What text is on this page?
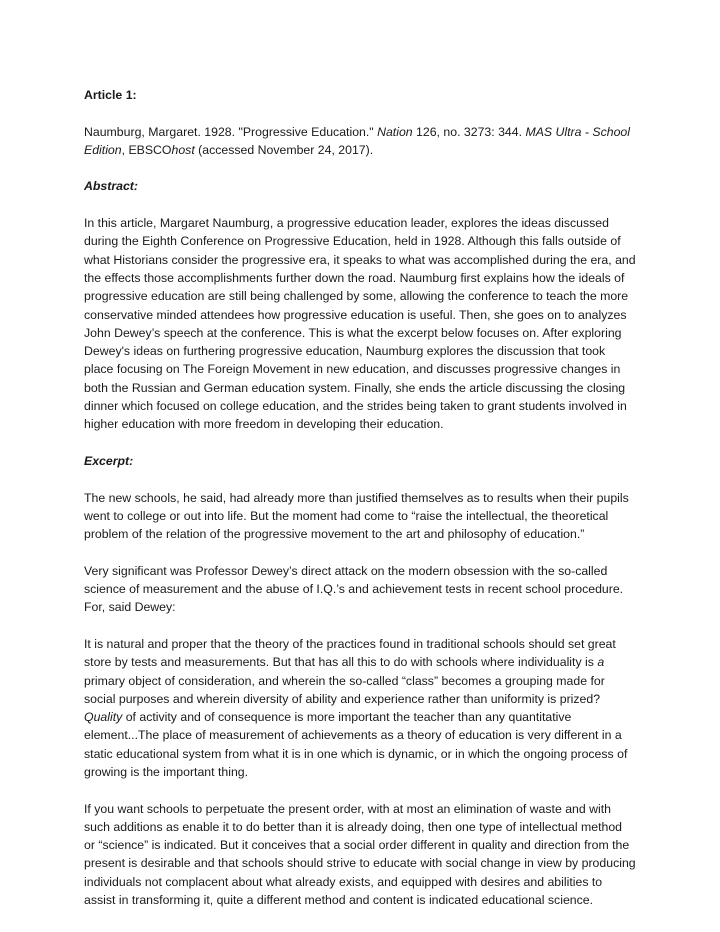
Article 1:

Naumburg, Margaret. 1928. "Progressive Education." Nation 126, no. 3273: 344. MAS Ultra - School Edition, EBSCOhost (accessed November 24, 2017).

Abstract:

In this article, Margaret Naumburg, a progressive education leader, explores the ideas discussed during the Eighth Conference on Progressive Education, held in 1928. Although this falls outside of what Historians consider the progressive era, it speaks to what was accomplished during the era, and the effects those accomplishments further down the road. Naumburg first explains how the ideals of progressive education are still being challenged by some, allowing the conference to teach the more conservative minded attendees how progressive education is useful. Then, she goes on to analyzes John Dewey’s speech at the conference. This is what the excerpt below focuses on. After exploring Dewey's ideas on furthering progressive education, Naumburg explores the discussion that took place focusing on The Foreign Movement in new education, and discusses progressive changes in both the Russian and German education system. Finally, she ends the article discussing the closing dinner which focused on college education, and the strides being taken to grant students involved in higher education with more freedom in developing their education.

Excerpt:

The new schools, he said, had already more than justified themselves as to results when their pupils went to college or out into life. But the moment had come to “raise the intellectual, the theoretical problem of the relation of the progressive movement to the art and philosophy of education.”

Very significant was Professor Dewey’s direct attack on the modern obsession with the so-called science of measurement and the abuse of I.Q.’s and achievement tests in recent school procedure. For, said Dewey:

It is natural and proper that the theory of the practices found in traditional schools should set great store by tests and measurements. But that has all this to do with schools where individuality is a primary object of consideration, and wherein the so-called “class” becomes a grouping made for social purposes and wherein diversity of ability and experience rather than uniformity is prized? Quality of activity and of consequence is more important the teacher than any quantitative element...The place of measurement of achievements as a theory of education is very different in a static educational system from what it is in one which is dynamic, or in which the ongoing process of growing is the important thing.

If you want schools to perpetuate the present order, with at most an elimination of waste and with such additions as enable it to do better than it is already doing, then one type of intellectual method or “science” is indicated. But it conceives that a social order different in quality and direction from the present is desirable and that schools should strive to educate with social change in view by producing individuals not complacent about what already exists, and equipped with desires and abilities to assist in transforming it, quite a different method and content is indicated educational science.
